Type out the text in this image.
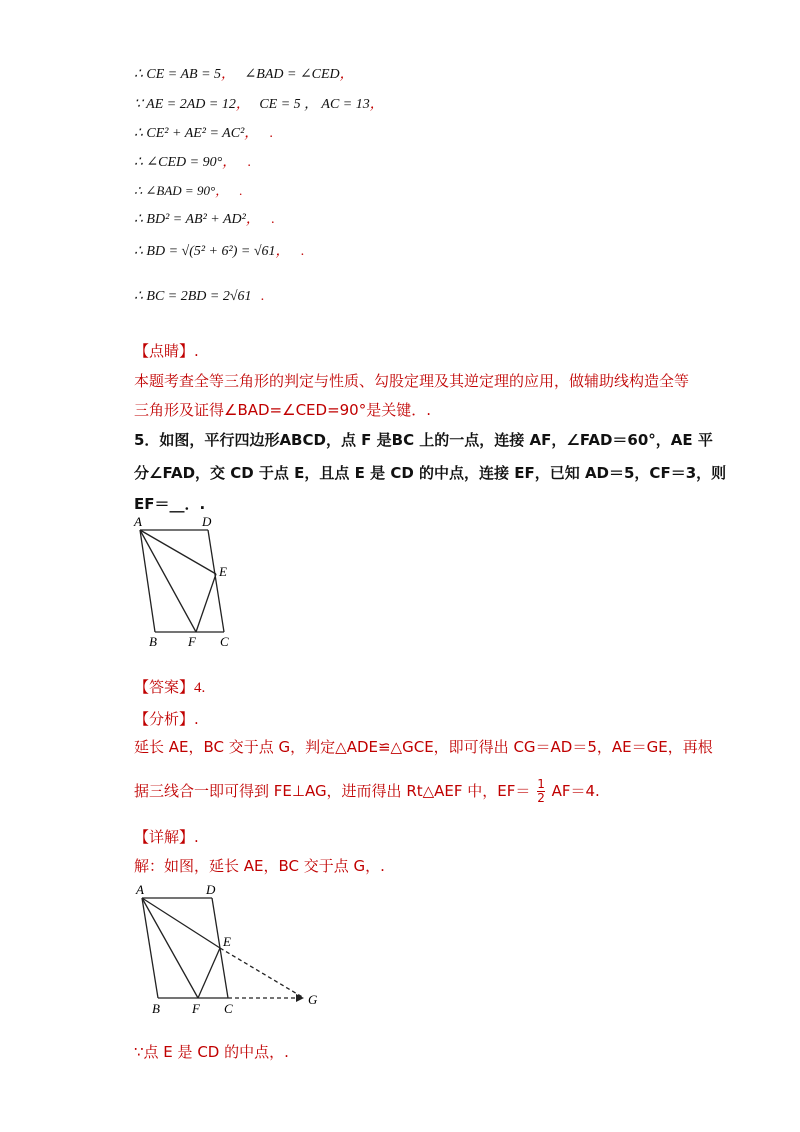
∴ CE = AB = 5， ∠BAD = ∠CED，
∵ AE = 2AD = 12， CE = 5 ， AC = 13，
∴ CE² + AE² = AC²， .
∴ ∠CED = 90°， .
∴ ∠BAD = 90°， .
∴ BD² = AB² + AD²， .
∴ BD = √(5² + 6²) = √61， .
∴ BC = 2BD = 2√61 .
【点睛】.
本题考查全等三角形的判定与性质、勾股定理及其逆定理的应用，做辅助线构造全等
三角形及证得∠BAD=∠CED=90°是关键．.
5．如图，平行四边形ABCD，点 F 是BC 上的一点，连接 AF，∠FAD＝60°，AE 平
分∠FAD，交 CD 于点 E，且点 E 是 CD 的中点，连接 EF，已知 AD＝5，CF＝3，则
EF＝__．.
A	D
E
B F C
【答案】4.
【分析】.
延长 AE，BC 交于点 G，判定△ADE≌△GCE，即可得出 CG＝AD＝5，AE＝GE，再根
据三线合一即可得到 FE⊥AG，进而得出 Rt△AEF 中，$EF= \frac{1}{2} AF=4$.
【详解】.
解：如图，延长 AE，BC 交于点 G，.
A	D
E
B F C
G
∵点 E 是 CD 的中点，.
